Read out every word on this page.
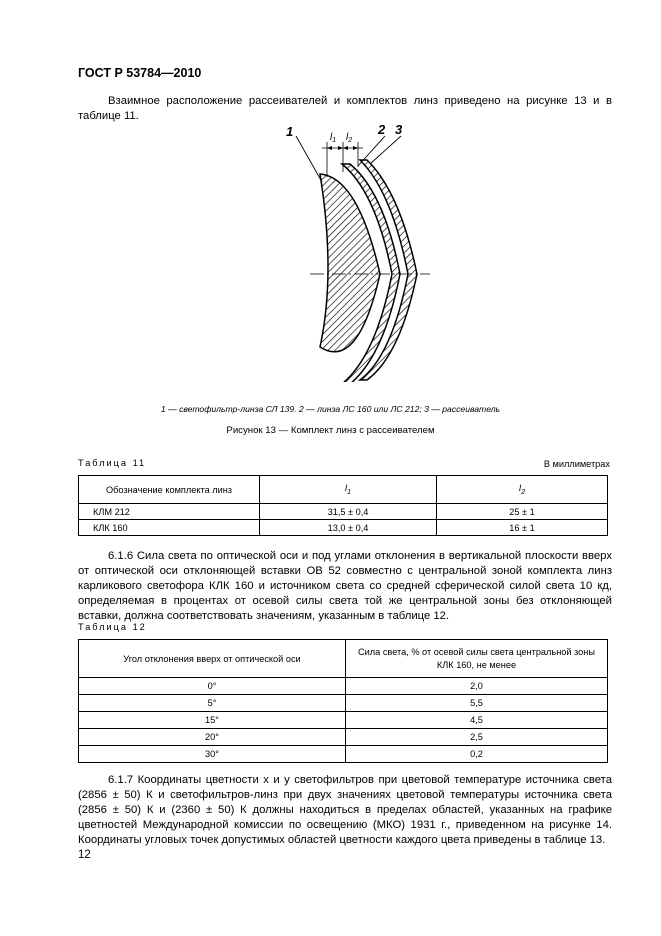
ГОСТ Р 53784—2010
Взаимное расположение рассеивателей и комплектов линз приведено на рисунке 13 и в таблице 11.
1	2 3
$l_1$ $l_2$
1 — светофильтр-линза СЛ 139. 2 — линза ЛС 160 или ЛС 212; 3 — рассеиватель
Рисунок 13 — Комплект линз с рассеивателем
Таблица 11	В миллиметрах
Обозначение комплекта линз	$l_1$	$l_2$
КЛМ 212	31,5 ± 0,4	25 ± 1
КЛК 160	13,0 ± 0,4	16 ± 1
6.1.6 Сила света по оптической оси и под углами отклонения в вертикальной плоскости вверх от оптической оси отклоняющей вставки ОВ 52 совместно с центральной зоной комплекта линз карликового светофора КЛК 160 и источником света со средней сферической силой света 10 кд, определяемая в процентах от осевой силы света той же центральной зоны без отклоняющей вставки, должна соответствовать значениям, указанным в таблице 12.
Таблица 12
Угол отклонения вверх от оптической оси	Сила света, % от осевой силы света центральной зоны КЛК 160, не менее
0°	2,0
5°	5,5
15°	4,5
20°	2,5
30°	0,2
6.1.7 Координаты цветности x и y светофильтров при цветовой температуре источника света (2856 ± 50) К и светофильтров-линз при двух значениях цветовой температуры источника света (2856 ± 50) К и (2360 ± 50) К должны находиться в пределах областей, указанных на графике цветностей Международной комиссии по освещению (МКО) 1931 г., приведенном на рисунке 14. Координаты угловых точек допустимых областей цветности каждого цвета приведены в таблице 13.
12
